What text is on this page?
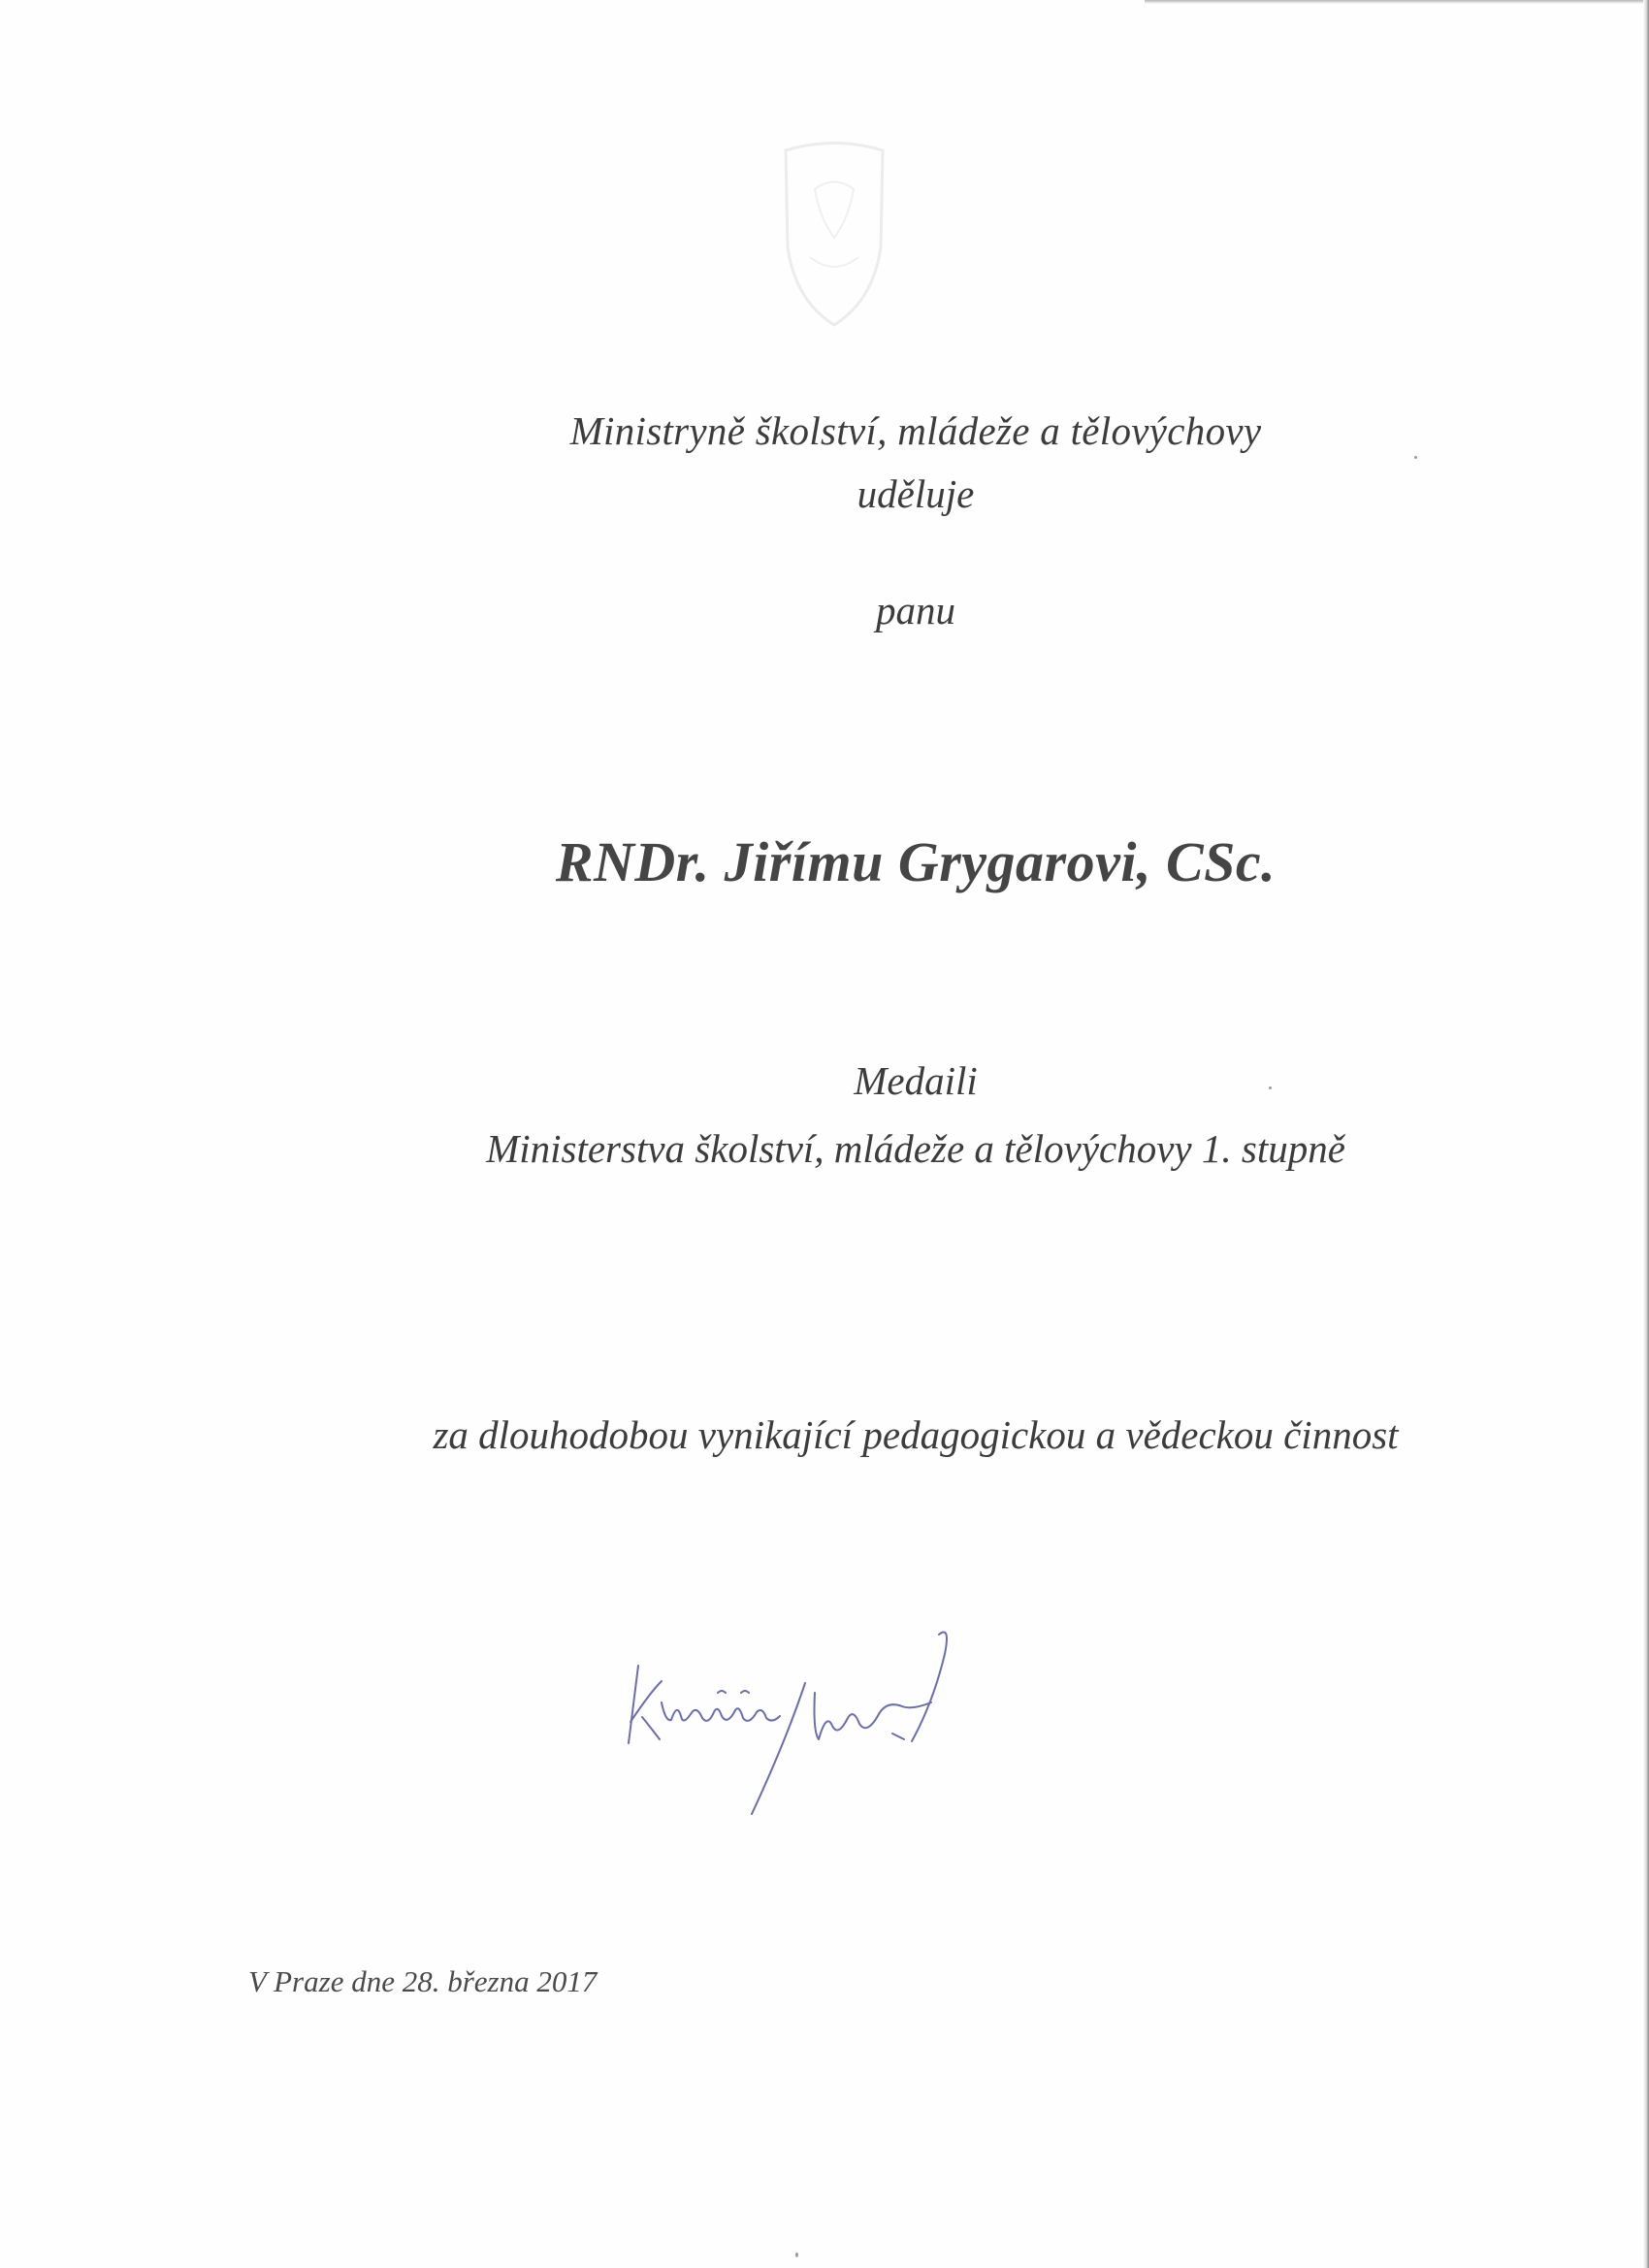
Ministryně školství, mládeže a tělovýchovy
uděluje
panu
RNDr. Jiřímu Grygarovi, CSc.
Medaili
Ministerstva školství, mládeže a tělovýchovy 1. stupně
za dlouhodobou vynikající pedagogickou a vědeckou činnost
V Praze dne 28. března 2017
